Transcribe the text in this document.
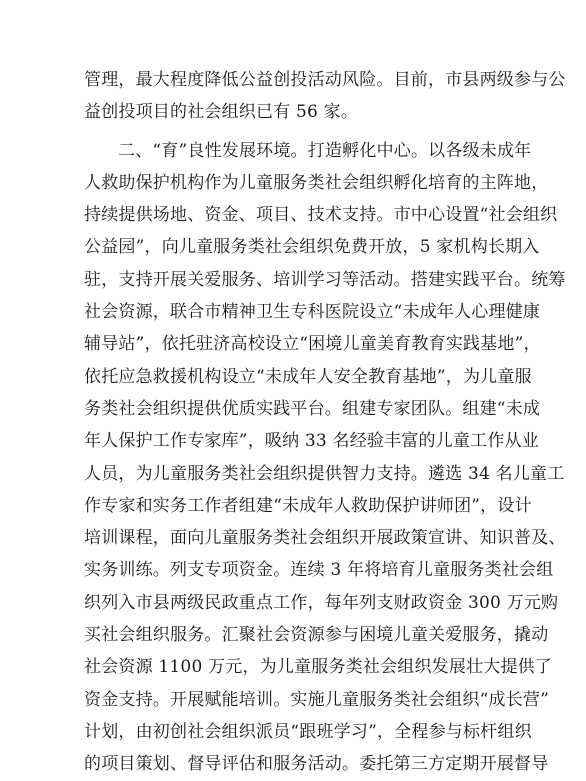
管理，最大程度降低公益创投活动风险。目前，市县两级参与公
益创投项目的社会组织已有 56 家。
二、“育”良性发展环境。打造孵化中心。以各级未成年
人救助保护机构作为儿童服务类社会组织孵化培育的主阵地，
持续提供场地、资金、项目、技术支持。市中心设置“社会组织
公益园”，向儿童服务类社会组织免费开放，5 家机构长期入
驻，支持开展关爱服务、培训学习等活动。搭建实践平台。统筹
社会资源，联合市精神卫生专科医院设立“未成年人心理健康
辅导站”，依托驻济高校设立“困境儿童美育教育实践基地”，
依托应急救援机构设立“未成年人安全教育基地”，为儿童服
务类社会组织提供优质实践平台。组建专家团队。组建“未成
年人保护工作专家库”，吸纳 33 名经验丰富的儿童工作从业
人员，为儿童服务类社会组织提供智力支持。遴选 34 名儿童工
作专家和实务工作者组建“未成年人救助保护讲师团”，设计
培训课程，面向儿童服务类社会组织开展政策宣讲、知识普及、
实务训练。列支专项资金。连续 3 年将培育儿童服务类社会组
织列入市县两级民政重点工作，每年列支财政资金 300 万元购
买社会组织服务。汇聚社会资源参与困境儿童关爱服务，撬动
社会资源 1100 万元，为儿童服务类社会组织发展壮大提供了
资金支持。开展赋能培训。实施儿童服务类社会组织“成长营”
计划，由初创社会组织派员“跟班学习”，全程参与标杆组织
的项目策划、督导评估和服务活动。委托第三方定期开展督导
